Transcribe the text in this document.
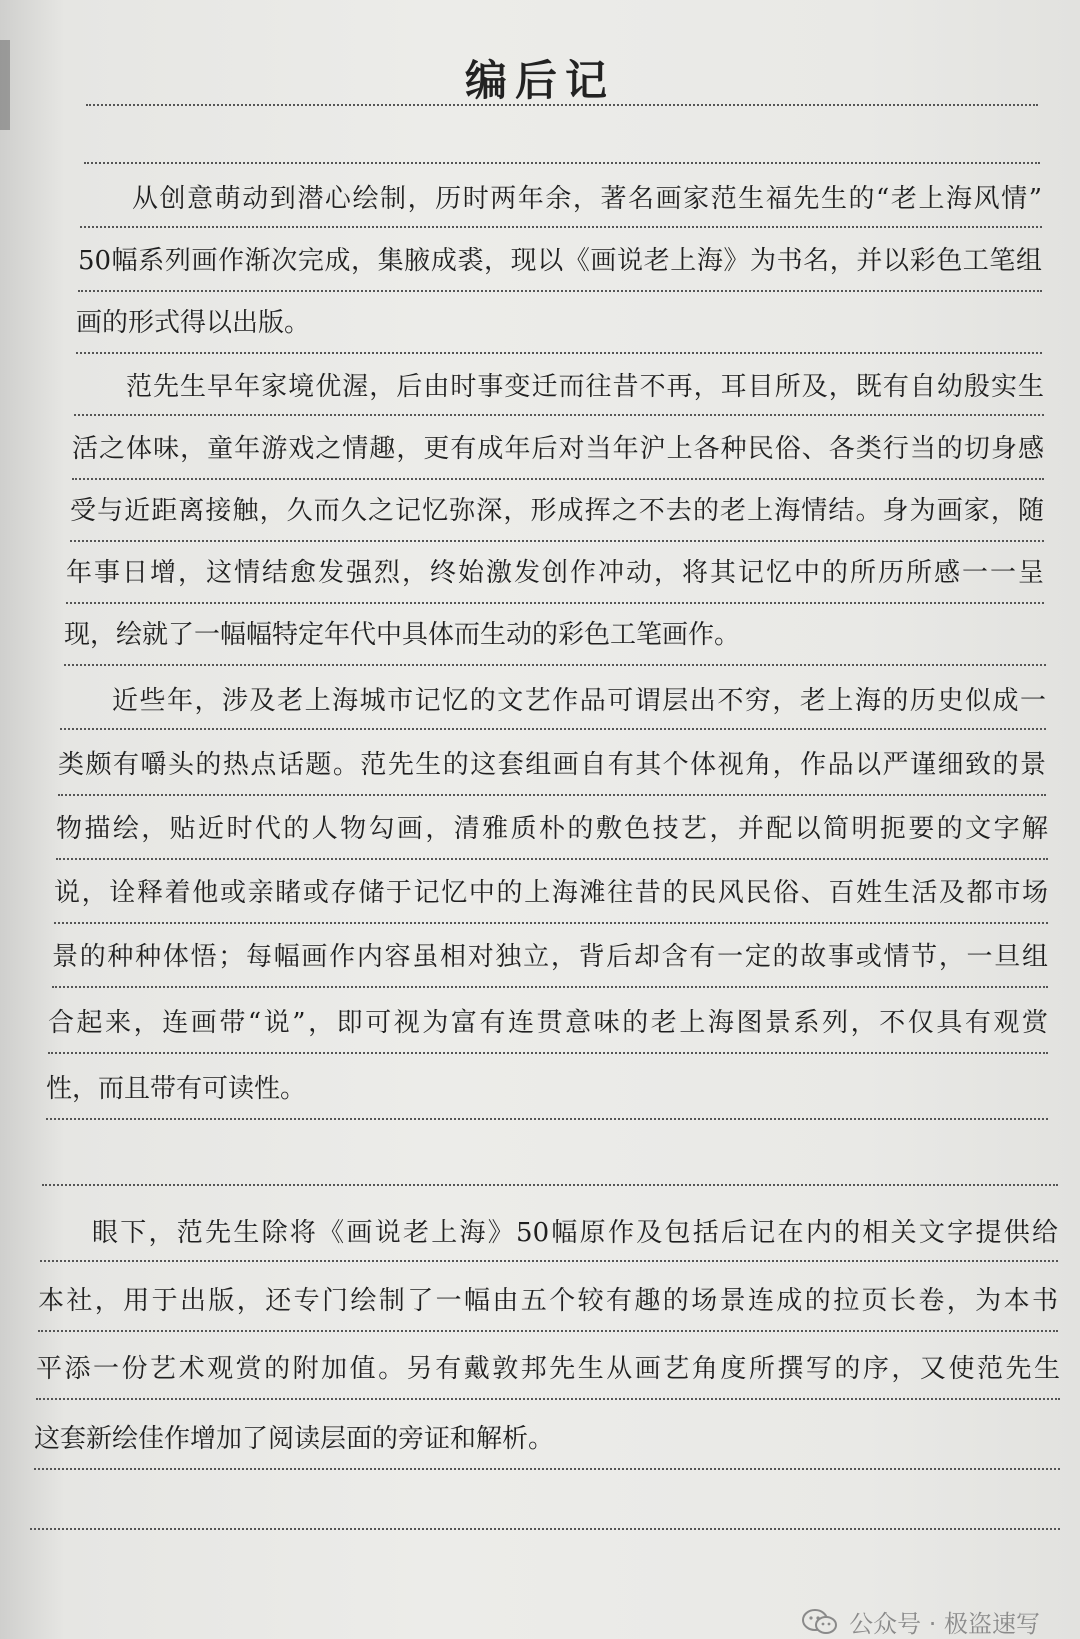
编后记
从创意萌动到潜心绘制，历时两年余，著名画家范生福先生的“老上海风情”
50幅系列画作渐次完成，集腋成裘，现以《画说老上海》为书名，并以彩色工笔组
画的形式得以出版。
范先生早年家境优渥，后由时事变迁而往昔不再，耳目所及，既有自幼殷实生
活之体味，童年游戏之情趣，更有成年后对当年沪上各种民俗、各类行当的切身感
受与近距离接触，久而久之记忆弥深，形成挥之不去的老上海情结。身为画家，随
年事日增，这情结愈发强烈，终始激发创作冲动，将其记忆中的所历所感一一呈
现，绘就了一幅幅特定年代中具体而生动的彩色工笔画作。
近些年，涉及老上海城市记忆的文艺作品可谓层出不穷，老上海的历史似成一
类颇有嚼头的热点话题。范先生的这套组画自有其个体视角，作品以严谨细致的景
物描绘，贴近时代的人物勾画，清雅质朴的敷色技艺，并配以简明扼要的文字解
说，诠释着他或亲睹或存储于记忆中的上海滩往昔的民风民俗、百姓生活及都市场
景的种种体悟；每幅画作内容虽相对独立，背后却含有一定的故事或情节，一旦组
合起来，连画带“说”，即可视为富有连贯意味的老上海图景系列，不仅具有观赏
性，而且带有可读性。
眼下，范先生除将《画说老上海》50幅原作及包括后记在内的相关文字提供给
本社，用于出版，还专门绘制了一幅由五个较有趣的场景连成的拉页长卷，为本书
平添一份艺术观赏的附加值。另有戴敦邦先生从画艺角度所撰写的序，又使范先生
这套新绘佳作增加了阅读层面的旁证和解析。
公众号 · 极盗速写
